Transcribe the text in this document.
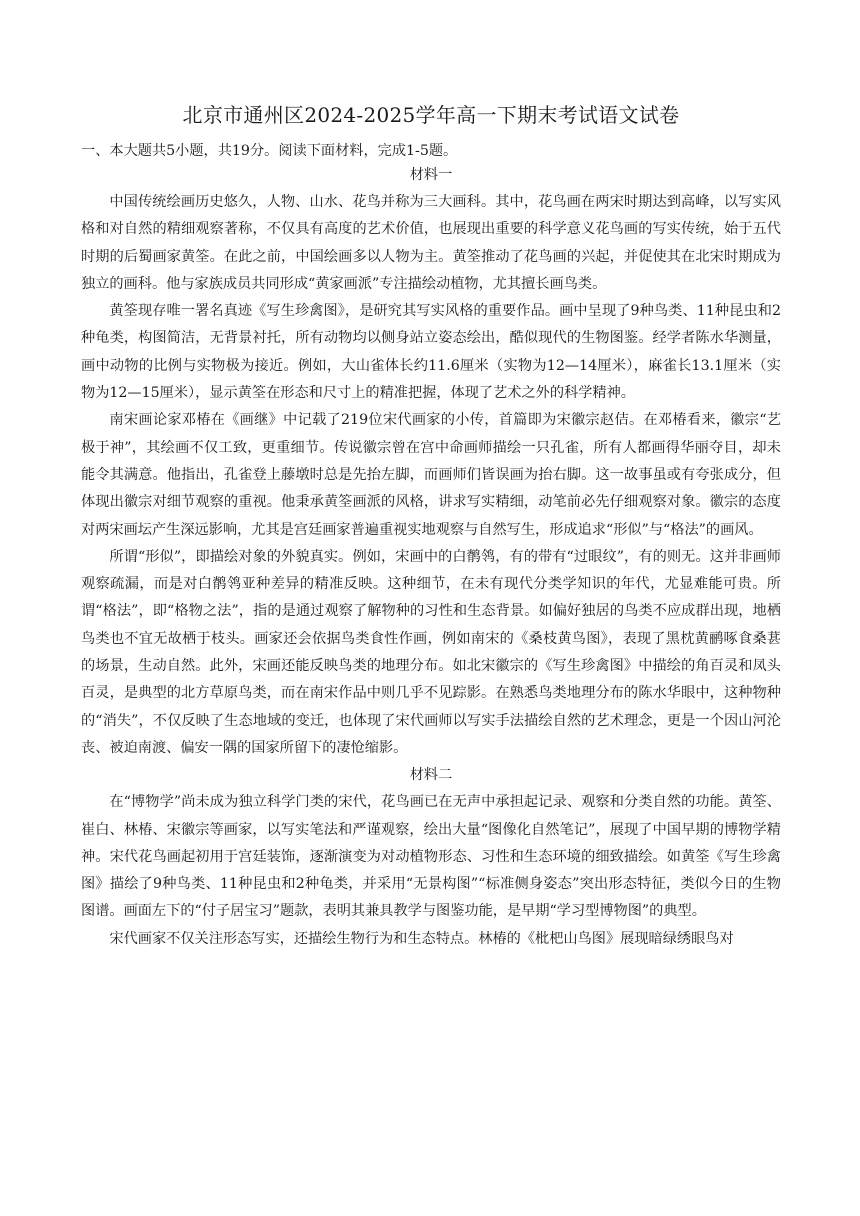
北京市通州区2024-2025学年高一下期末考试语文试卷

一、本大题共5小题，共19分。阅读下面材料，完成1-5题。

材料一

中国传统绘画历史悠久，人物、山水、花鸟并称为三大画科。其中，花鸟画在两宋时期达到高峰，以写实风格和对自然的精细观察著称，不仅具有高度的艺术价值，也展现出重要的科学意义花鸟画的写实传统，始于五代时期的后蜀画家黄筌。在此之前，中国绘画多以人物为主。黄筌推动了花鸟画的兴起，并促使其在北宋时期成为独立的画科。他与家族成员共同形成“黄家画派”专注描绘动植物，尤其擅长画鸟类。

黄筌现存唯一署名真迹《写生珍禽图》，是研究其写实风格的重要作品。画中呈现了9种鸟类、11种昆虫和2种龟类，构图简洁，无背景衬托，所有动物均以侧身站立姿态绘出，酷似现代的生物图鉴。经学者陈水华测量，画中动物的比例与实物极为接近。例如，大山雀体长约11.6厘米（实物为12—14厘米），麻雀长13.1厘米（实物为12—15厘米），显示黄筌在形态和尺寸上的精准把握，体现了艺术之外的科学精神。

南宋画论家邓椿在《画继》中记载了219位宋代画家的小传，首篇即为宋徽宗赵佶。在邓椿看来，徽宗“艺极于神”，其绘画不仅工致，更重细节。传说徽宗曾在宫中命画师描绘一只孔雀，所有人都画得华丽夺目，却未能令其满意。他指出，孔雀登上藤墩时总是先抬左脚，而画师们皆误画为抬右脚。这一故事虽或有夸张成分，但体现出徽宗对细节观察的重视。他秉承黄筌画派的风格，讲求写实精细，动笔前必先仔细观察对象。徽宗的态度对两宋画坛产生深远影响，尤其是宫廷画家普遍重视实地观察与自然写生，形成追求“形似”与“格法”的画风。

所谓“形似”，即描绘对象的外貌真实。例如，宋画中的白鹡鸰，有的带有“过眼纹”，有的则无。这并非画师观察疏漏，而是对白鹡鸰亚种差异的精准反映。这种细节，在未有现代分类学知识的年代，尤显难能可贵。所谓“格法”，即“格物之法”，指的是通过观察了解物种的习性和生态背景。如偏好独居的鸟类不应成群出现，地栖鸟类也不宜无故栖于枝头。画家还会依据鸟类食性作画，例如南宋的《桑枝黄鸟图》，表现了黑枕黄鹂啄食桑葚的场景，生动自然。此外，宋画还能反映鸟类的地理分布。如北宋徽宗的《写生珍禽图》中描绘的角百灵和凤头百灵，是典型的北方草原鸟类，而在南宋作品中则几乎不见踪影。在熟悉鸟类地理分布的陈水华眼中，这种物种的“消失”，不仅反映了生态地域的变迁，也体现了宋代画师以写实手法描绘自然的艺术理念，更是一个因山河沦丧、被迫南渡、偏安一隅的国家所留下的凄怆缩影。

材料二

在“博物学”尚未成为独立科学门类的宋代，花鸟画已在无声中承担起记录、观察和分类自然的功能。黄筌、崔白、林椿、宋徽宗等画家，以写实笔法和严谨观察，绘出大量“图像化自然笔记”，展现了中国早期的博物学精神。宋代花鸟画起初用于宫廷装饰，逐渐演变为对动植物形态、习性和生态环境的细致描绘。如黄筌《写生珍禽图》描绘了9种鸟类、11种昆虫和2种龟类，并采用“无景构图”“标准侧身姿态”突出形态特征，类似今日的生物图谱。画面左下的“付子居宝习”题款，表明其兼具教学与图鉴功能，是早期“学习型博物图”的典型。

宋代画家不仅关注形态写实，还描绘生物行为和生态特点。林椿的《枇杷山鸟图》展现暗绿绣眼鸟对
